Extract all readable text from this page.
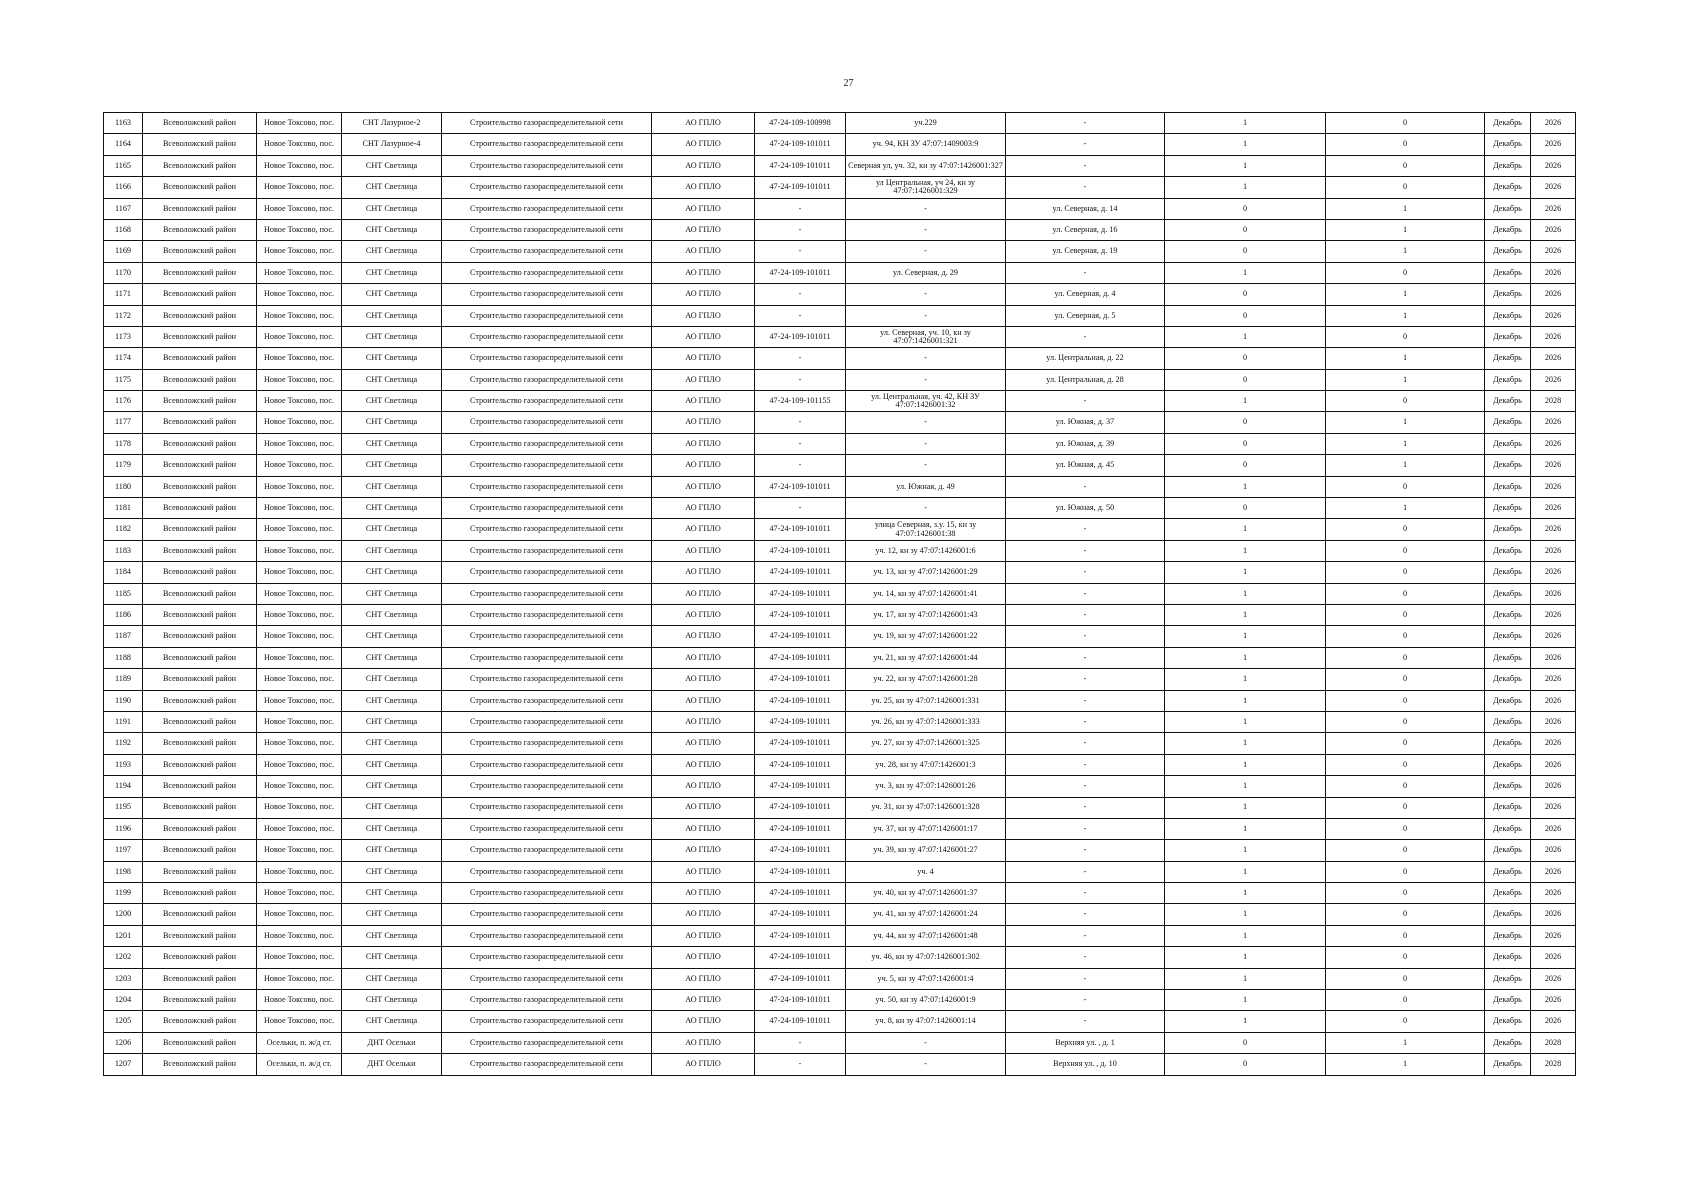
27
1163	Всеволожский район	Новое Токсово, пос.	СНТ Лазурное-2	Строительство газораспределительной сети	АО ГПЛО	47-24-109-100998	уч.229	-	1	0	Декабрь	2026
1164	Всеволожский район	Новое Токсово, пос.	СНТ Лазурное-4	Строительство газораспределительной сети	АО ГПЛО	47-24-109-101011	уч. 94, КН ЗУ 47:07:1409003:9	-	1	0	Декабрь	2026
1165	Всеволожский район	Новое Токсово, пос.	СНТ Светлица	Строительство газораспределительной сети	АО ГПЛО	47-24-109-101011	Северная ул, уч. 32, кн зу 47:07:1426001:327	-	1	0	Декабрь	2026
1166	Всеволожский район	Новое Токсово, пос.	СНТ Светлица	Строительство газораспределительной сети	АО ГПЛО	47-24-109-101011	ул Центральная, уч 24, кн зу 47:07:1426001:329	-	1	0	Декабрь	2026
1167	Всеволожский район	Новое Токсово, пос.	СНТ Светлица	Строительство газораспределительной сети	АО ГПЛО	-	-	ул. Северная, д. 14	0	1	Декабрь	2026
1168	Всеволожский район	Новое Токсово, пос.	СНТ Светлица	Строительство газораспределительной сети	АО ГПЛО	-	-	ул. Северная, д. 16	0	1	Декабрь	2026
1169	Всеволожский район	Новое Токсово, пос.	СНТ Светлица	Строительство газораспределительной сети	АО ГПЛО	-	-	ул. Северная, д. 19	0	1	Декабрь	2026
1170	Всеволожский район	Новое Токсово, пос.	СНТ Светлица	Строительство газораспределительной сети	АО ГПЛО	47-24-109-101011	ул. Северная, д. 29	-	1	0	Декабрь	2026
1171	Всеволожский район	Новое Токсово, пос.	СНТ Светлица	Строительство газораспределительной сети	АО ГПЛО	-	-	ул. Северная, д. 4	0	1	Декабрь	2026
1172	Всеволожский район	Новое Токсово, пос.	СНТ Светлица	Строительство газораспределительной сети	АО ГПЛО	-	-	ул. Северная, д. 5	0	1	Декабрь	2026
1173	Всеволожский район	Новое Токсово, пос.	СНТ Светлица	Строительство газораспределительной сети	АО ГПЛО	47-24-109-101011	ул. Северная, уч. 10, кн зу 47:07:1426001:321	-	1	0	Декабрь	2026
1174	Всеволожский район	Новое Токсово, пос.	СНТ Светлица	Строительство газораспределительной сети	АО ГПЛО	-	-	ул. Центральная, д. 22	0	1	Декабрь	2026
1175	Всеволожский район	Новое Токсово, пос.	СНТ Светлица	Строительство газораспределительной сети	АО ГПЛО	-	-	ул. Центральная, д. 28	0	1	Декабрь	2026
1176	Всеволожский район	Новое Токсово, пос.	СНТ Светлица	Строительство газораспределительной сети	АО ГПЛО	47-24-109-101155	ул. Центральная, уч. 42, КН ЗУ 47:07:1426001:32	-	1	0	Декабрь	2028
1177	Всеволожский район	Новое Токсово, пос.	СНТ Светлица	Строительство газораспределительной сети	АО ГПЛО	-	-	ул. Южная, д. 37	0	1	Декабрь	2026
1178	Всеволожский район	Новое Токсово, пос.	СНТ Светлица	Строительство газораспределительной сети	АО ГПЛО	-	-	ул. Южная, д. 39	0	1	Декабрь	2026
1179	Всеволожский район	Новое Токсово, пос.	СНТ Светлица	Строительство газораспределительной сети	АО ГПЛО	-	-	ул. Южная, д. 45	0	1	Декабрь	2026
1180	Всеволожский район	Новое Токсово, пос.	СНТ Светлица	Строительство газораспределительной сети	АО ГПЛО	47-24-109-101011	ул. Южная, д. 49	-	1	0	Декабрь	2026
1181	Всеволожский район	Новое Токсово, пос.	СНТ Светлица	Строительство газораспределительной сети	АО ГПЛО	-	-	ул. Южная, д. 50	0	1	Декабрь	2026
1182	Всеволожский район	Новое Токсово, пос.	СНТ Светлица	Строительство газораспределительной сети	АО ГПЛО	47-24-109-101011	улица Северная, з.у. 15, кн зу 47:07:1426001:38	-	1	0	Декабрь	2026
1183	Всеволожский район	Новое Токсово, пос.	СНТ Светлица	Строительство газораспределительной сети	АО ГПЛО	47-24-109-101011	уч. 12, кн зу 47:07:1426001:6	-	1	0	Декабрь	2026
1184	Всеволожский район	Новое Токсово, пос.	СНТ Светлица	Строительство газораспределительной сети	АО ГПЛО	47-24-109-101011	уч. 13, кн зу 47:07:1426001:29	-	1	0	Декабрь	2026
1185	Всеволожский район	Новое Токсово, пос.	СНТ Светлица	Строительство газораспределительной сети	АО ГПЛО	47-24-109-101011	уч. 14, кн зу 47:07:1426001:41	-	1	0	Декабрь	2026
1186	Всеволожский район	Новое Токсово, пос.	СНТ Светлица	Строительство газораспределительной сети	АО ГПЛО	47-24-109-101011	уч. 17, кн зу 47:07:1426001:43	-	1	0	Декабрь	2026
1187	Всеволожский район	Новое Токсово, пос.	СНТ Светлица	Строительство газораспределительной сети	АО ГПЛО	47-24-109-101011	уч. 19, кн зу 47:07:1426001:22	-	1	0	Декабрь	2026
1188	Всеволожский район	Новое Токсово, пос.	СНТ Светлица	Строительство газораспределительной сети	АО ГПЛО	47-24-109-101011	уч. 21, кн зу 47:07:1426001:44	-	1	0	Декабрь	2026
1189	Всеволожский район	Новое Токсово, пос.	СНТ Светлица	Строительство газораспределительной сети	АО ГПЛО	47-24-109-101011	уч. 22, кн зу 47:07:1426001:28	-	1	0	Декабрь	2026
1190	Всеволожский район	Новое Токсово, пос.	СНТ Светлица	Строительство газораспределительной сети	АО ГПЛО	47-24-109-101011	уч. 25, кн зу 47:07:1426001:331	-	1	0	Декабрь	2026
1191	Всеволожский район	Новое Токсово, пос.	СНТ Светлица	Строительство газораспределительной сети	АО ГПЛО	47-24-109-101011	уч. 26, кн зу 47:07:1426001:333	-	1	0	Декабрь	2026
1192	Всеволожский район	Новое Токсово, пос.	СНТ Светлица	Строительство газораспределительной сети	АО ГПЛО	47-24-109-101011	уч. 27, кн зу 47:07:1426001:325	-	1	0	Декабрь	2026
1193	Всеволожский район	Новое Токсово, пос.	СНТ Светлица	Строительство газораспределительной сети	АО ГПЛО	47-24-109-101011	уч. 28, кн зу 47:07:1426001:3	-	1	0	Декабрь	2026
1194	Всеволожский район	Новое Токсово, пос.	СНТ Светлица	Строительство газораспределительной сети	АО ГПЛО	47-24-109-101011	уч. 3, кн зу 47:07:1426001:26	-	1	0	Декабрь	2026
1195	Всеволожский район	Новое Токсово, пос.	СНТ Светлица	Строительство газораспределительной сети	АО ГПЛО	47-24-109-101011	уч. 31, кн зу 47:07:1426001:328	-	1	0	Декабрь	2026
1196	Всеволожский район	Новое Токсово, пос.	СНТ Светлица	Строительство газораспределительной сети	АО ГПЛО	47-24-109-101011	уч. 37, кн зу 47:07:1426001:17	-	1	0	Декабрь	2026
1197	Всеволожский район	Новое Токсово, пос.	СНТ Светлица	Строительство газораспределительной сети	АО ГПЛО	47-24-109-101011	уч. 39, кн зу 47:07:1426001:27	-	1	0	Декабрь	2026
1198	Всеволожский район	Новое Токсово, пос.	СНТ Светлица	Строительство газораспределительной сети	АО ГПЛО	47-24-109-101011	уч. 4	-	1	0	Декабрь	2026
1199	Всеволожский район	Новое Токсово, пос.	СНТ Светлица	Строительство газораспределительной сети	АО ГПЛО	47-24-109-101011	уч. 40, кн зу 47:07:1426001:37	-	1	0	Декабрь	2026
1200	Всеволожский район	Новое Токсово, пос.	СНТ Светлица	Строительство газораспределительной сети	АО ГПЛО	47-24-109-101011	уч. 41, кн зу 47:07:1426001:24	-	1	0	Декабрь	2026
1201	Всеволожский район	Новое Токсово, пос.	СНТ Светлица	Строительство газораспределительной сети	АО ГПЛО	47-24-109-101011	уч. 44, кн зу 47:07:1426001:48	-	1	0	Декабрь	2026
1202	Всеволожский район	Новое Токсово, пос.	СНТ Светлица	Строительство газораспределительной сети	АО ГПЛО	47-24-109-101011	уч. 46, кн зу 47:07:1426001:302	-	1	0	Декабрь	2026
1203	Всеволожский район	Новое Токсово, пос.	СНТ Светлица	Строительство газораспределительной сети	АО ГПЛО	47-24-109-101011	уч. 5, кн зу 47:07:1426001:4	-	1	0	Декабрь	2026
1204	Всеволожский район	Новое Токсово, пос.	СНТ Светлица	Строительство газораспределительной сети	АО ГПЛО	47-24-109-101011	уч. 50, кн зу 47:07:1426001:9	-	1	0	Декабрь	2026
1205	Всеволожский район	Новое Токсово, пос.	СНТ Светлица	Строительство газораспределительной сети	АО ГПЛО	47-24-109-101011	уч. 8, кн зу 47:07:1426001:14	-	1	0	Декабрь	2026
1206	Всеволожский район	Осельки, п. ж/д ст.	ДНТ Осельки	Строительство газораспределительной сети	АО ГПЛО	-	-	Верхняя ул. , д. 1	0	1	Декабрь	2028
1207	Всеволожский район	Осельки, п. ж/д ст.	ДНТ Осельки	Строительство газораспределительной сети	АО ГПЛО	-	-	Верхняя ул. , д. 10	0	1	Декабрь	2028
